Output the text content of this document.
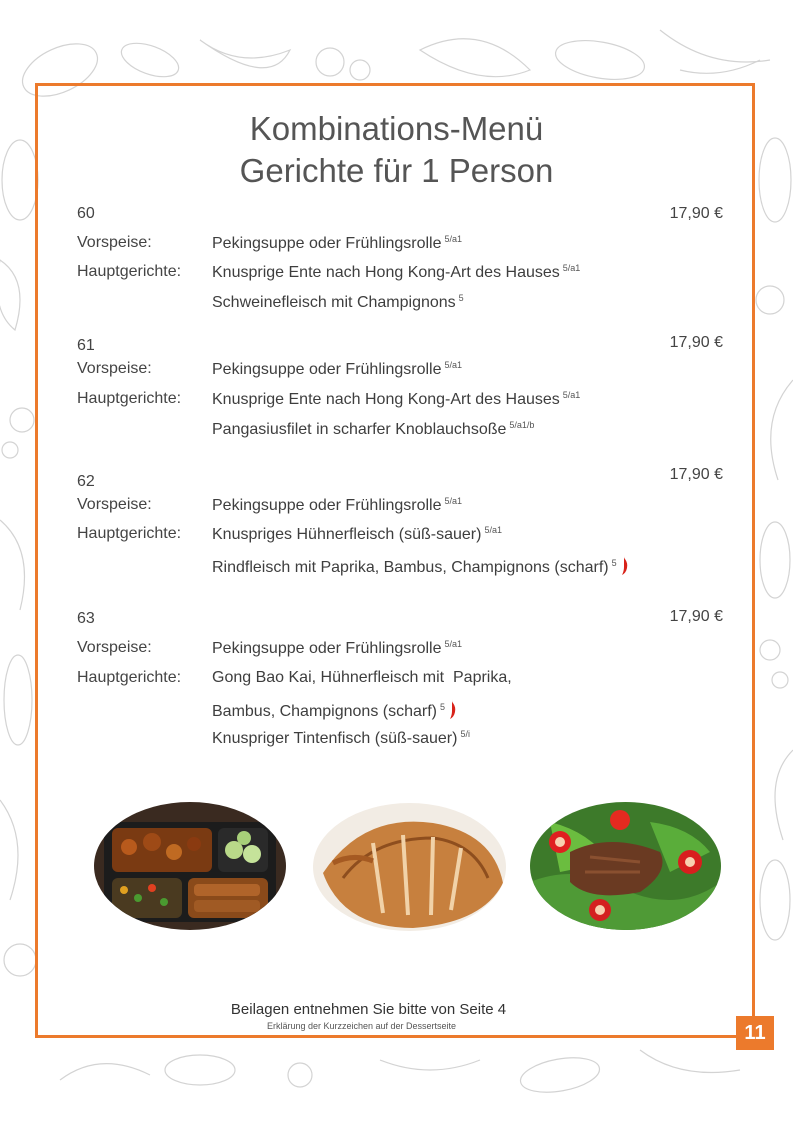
Kombinations-Menü
Gerichte für 1 Person
60	17,90 €
Vorspeise:	Pekingsuppe oder Frühlingsrolle $^{5/a1}$
Hauptgerichte: Knusprige Ente nach Hong Kong-Art des Hauses $^{5/a1}$
Schweinefleisch mit Champignons $^5$
61	17,90 €
Vorspeise:	Pekingsuppe oder Frühlingsrolle $^{5/a1}$
Hauptgerichte: Knusprige Ente nach Hong Kong-Art des Hauses $^{5/a1}$
Pangasiusfilet in scharfer Knoblauchsoße $^{5/a1/b}$
62	17,90 €
Vorspeise:	Pekingsuppe oder Frühlingsrolle $^{5/a1}$
Hauptgerichte: Knuspriges Hühnerfleisch (süß-sauer) $^{5/a1}$
Rindfleisch mit Paprika, Bambus, Champignons (scharf) $^5$
63	17,90 €
Vorspeise:	Pekingsuppe oder Frühlingsrolle $^{5/a1}$
Hauptgerichte: Gong Bao Kai, Hühnerfleisch mit  Paprika,
Bambus, Champignons (scharf) $^5$
Knuspriger Tintenfisch (süß-sauer) $^{5/i}$
Beilagen entnehmen Sie bitte von Seite 4
Erklärung der Kurzzeichen auf der Dessertseite	11
